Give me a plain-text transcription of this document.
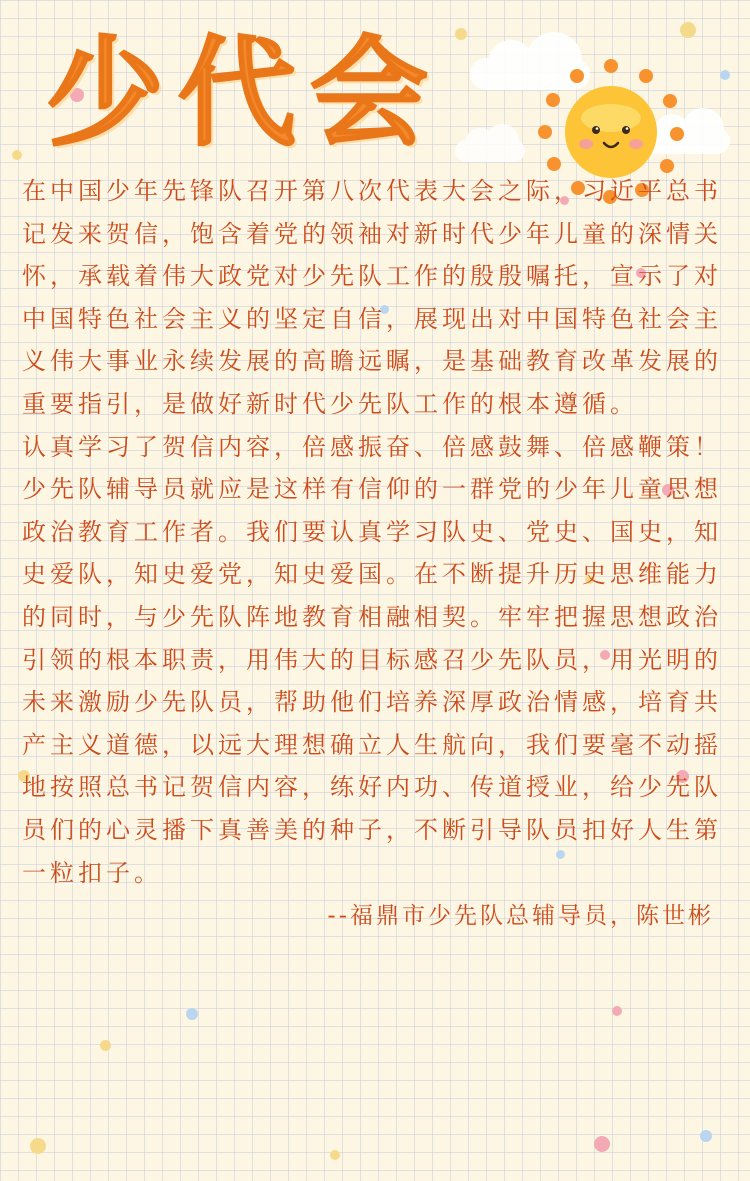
少代会

在中国少年先锋队召开第八次代表大会之际，习近平总书记发来贺信，饱含着党的领袖对新时代少年儿童的深情关怀，承载着伟大政党对少先队工作的殷殷嘱托，宣示了对中国特色社会主义的坚定自信，展现出对中国特色社会主义伟大事业永续发展的高瞻远瞩，是基础教育改革发展的重要指引，是做好新时代少先队工作的根本遵循。

认真学习了贺信内容，倍感振奋、倍感鼓舞、倍感鞭策！少先队辅导员就应是这样有信仰的一群党的少年儿童思想政治教育工作者。我们要认真学习队史、党史、国史，知史爱队，知史爱党，知史爱国。在不断提升历史思维能力的同时，与少先队阵地教育相融相契。牢牢把握思想政治引领的根本职责，用伟大的目标感召少先队员，用光明的未来激励少先队员，帮助他们培养深厚政治情感，培育共产主义道德，以远大理想确立人生航向，我们要毫不动摇地按照总书记贺信内容，练好内功、传道授业，给少先队员们的心灵播下真善美的种子，不断引导队员扣好人生第一粒扣子。

--福鼎市少先队总辅导员，陈世彬
